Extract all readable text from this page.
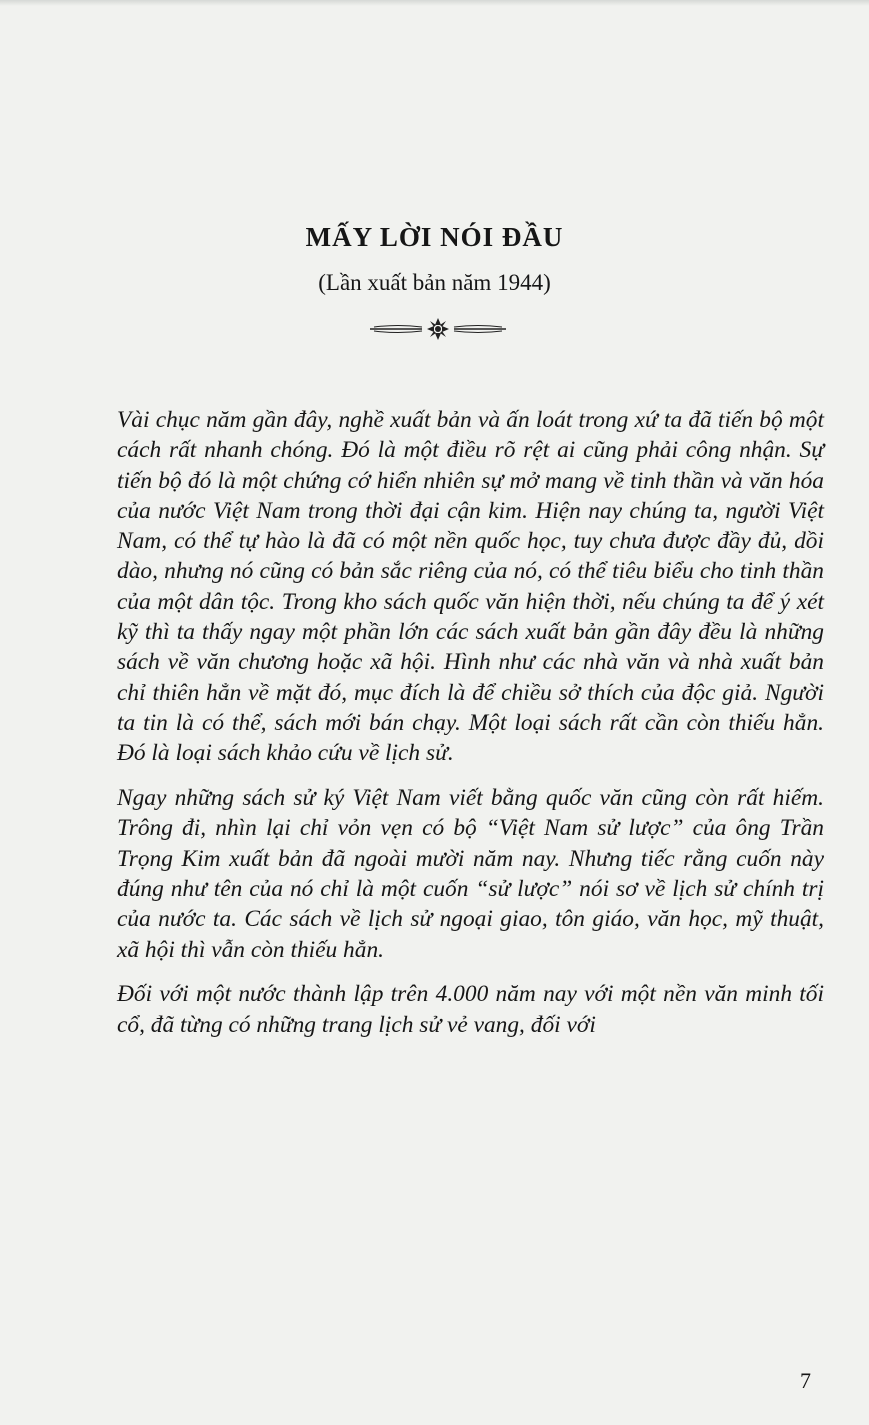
MẤY LỜI NÓI ĐẦU
(Lần xuất bản năm 1944)

Vài chục năm gần đây, nghề xuất bản và ấn loát trong xứ ta đã tiến bộ một cách rất nhanh chóng. Đó là một điều rõ rệt ai cũng phải công nhận. Sự tiến bộ đó là một chứng cớ hiển nhiên sự mở mang về tinh thần và văn hóa của nước Việt Nam trong thời đại cận kim. Hiện nay chúng ta, người Việt Nam, có thể tự hào là đã có một nền quốc học, tuy chưa được đầy đủ, dồi dào, nhưng nó cũng có bản sắc riêng của nó, có thể tiêu biểu cho tinh thần của một dân tộc. Trong kho sách quốc văn hiện thời, nếu chúng ta để ý xét kỹ thì ta thấy ngay một phần lớn các sách xuất bản gần đây đều là những sách về văn chương hoặc xã hội. Hình như các nhà văn và nhà xuất bản chỉ thiên hẳn về mặt đó, mục đích là để chiều sở thích của độc giả. Người ta tin là có thể, sách mới bán chạy. Một loại sách rất cần còn thiếu hẳn. Đó là loại sách khảo cứu về lịch sử.

Ngay những sách sử ký Việt Nam viết bằng quốc văn cũng còn rất hiếm. Trông đi, nhìn lại chỉ vỏn vẹn có bộ “Việt Nam sử lược” của ông Trần Trọng Kim xuất bản đã ngoài mười năm nay. Nhưng tiếc rằng cuốn này đúng như tên của nó chỉ là một cuốn “sử lược” nói sơ về lịch sử chính trị của nước ta. Các sách về lịch sử ngoại giao, tôn giáo, văn học, mỹ thuật, xã hội thì vẫn còn thiếu hẳn.

Đối với một nước thành lập trên 4.000 năm nay với một nền văn minh tối cổ, đã từng có những trang lịch sử vẻ vang, đối với

7
